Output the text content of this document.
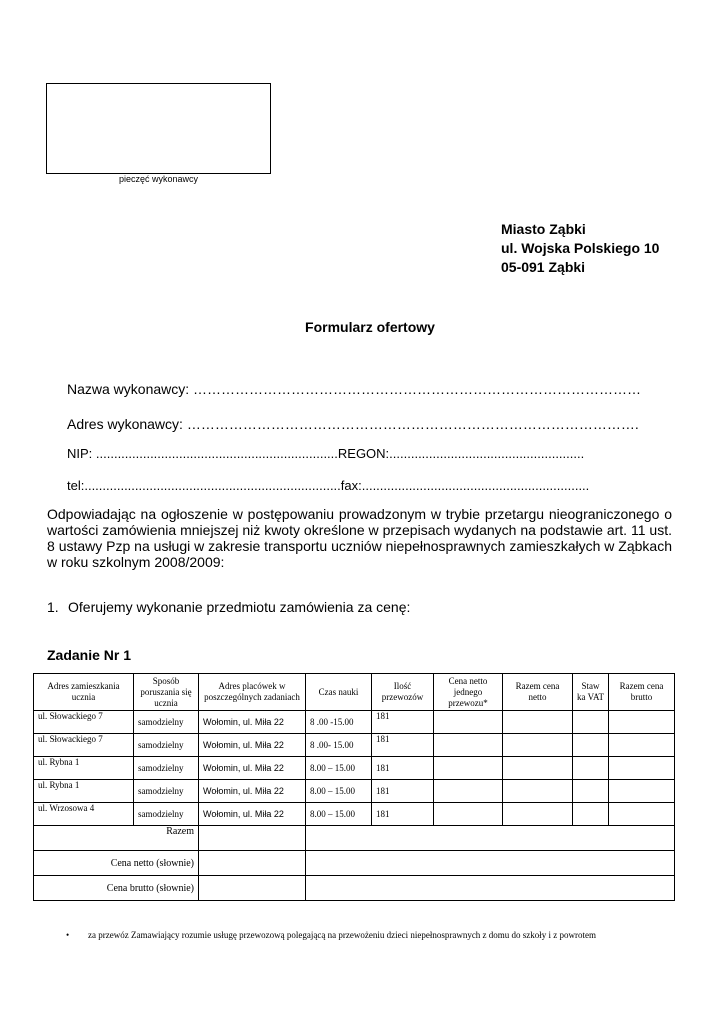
pieczęć wykonawcy
Miasto Ząbki
ul. Wojska Polskiego 10
05-091 Ząbki
Formularz ofertowy
Nazwa wykonawcy: ……………………………………………………………………………………
Adres wykonawcy: …………………………………………………………………………………….
NIP: ...................................................................REGON:......................................................
tel:.......................................................................fax:...............................................................
Odpowiadając na ogłoszenie w postępowaniu prowadzonym w trybie przetargu nieograniczonego o wartości zamówienia mniejszej niż kwoty określone w przepisach wydanych na podstawie art. 11 ust. 8 ustawy Pzp na usługi w zakresie transportu uczniów niepełnosprawnych zamieszkałych w Ząbkach w roku szkolnym 2008/2009:
1. Oferujemy wykonanie przedmiotu zamówienia za cenę:
Zadanie Nr 1
Adres zamieszkania ucznia	Sposób poruszania się ucznia	Adres placówek w poszczególnych zadaniach	Czas nauki	Ilość przewozów	Cena netto jednego przewozu*	Razem cena netto	Staw ka VAT	Razem cena brutto
ul. Słowackiego 7	samodzielny	Wołomin, ul. Miła 22	8 .00 -15.00	181				
ul. Słowackiego 7	samodzielny	Wołomin, ul. Miła 22	8 .00- 15.00	181				
ul. Rybna 1	samodzielny	Wołomin, ul. Miła 22	8.00 – 15.00	181				
ul. Rybna 1	samodzielny	Wołomin, ul. Miła 22	8.00 – 15.00	181				
ul. Wrzosowa 4	samodzielny	Wołomin, ul. Miła 22	8.00 – 15.00	181				
Razem								
Cena netto (słownie)								
Cena brutto (słownie)								
• za przewóz Zamawiający rozumie usługę przewozową polegającą na przewożeniu dzieci niepełnosprawnych z domu do szkoły i z powrotem
